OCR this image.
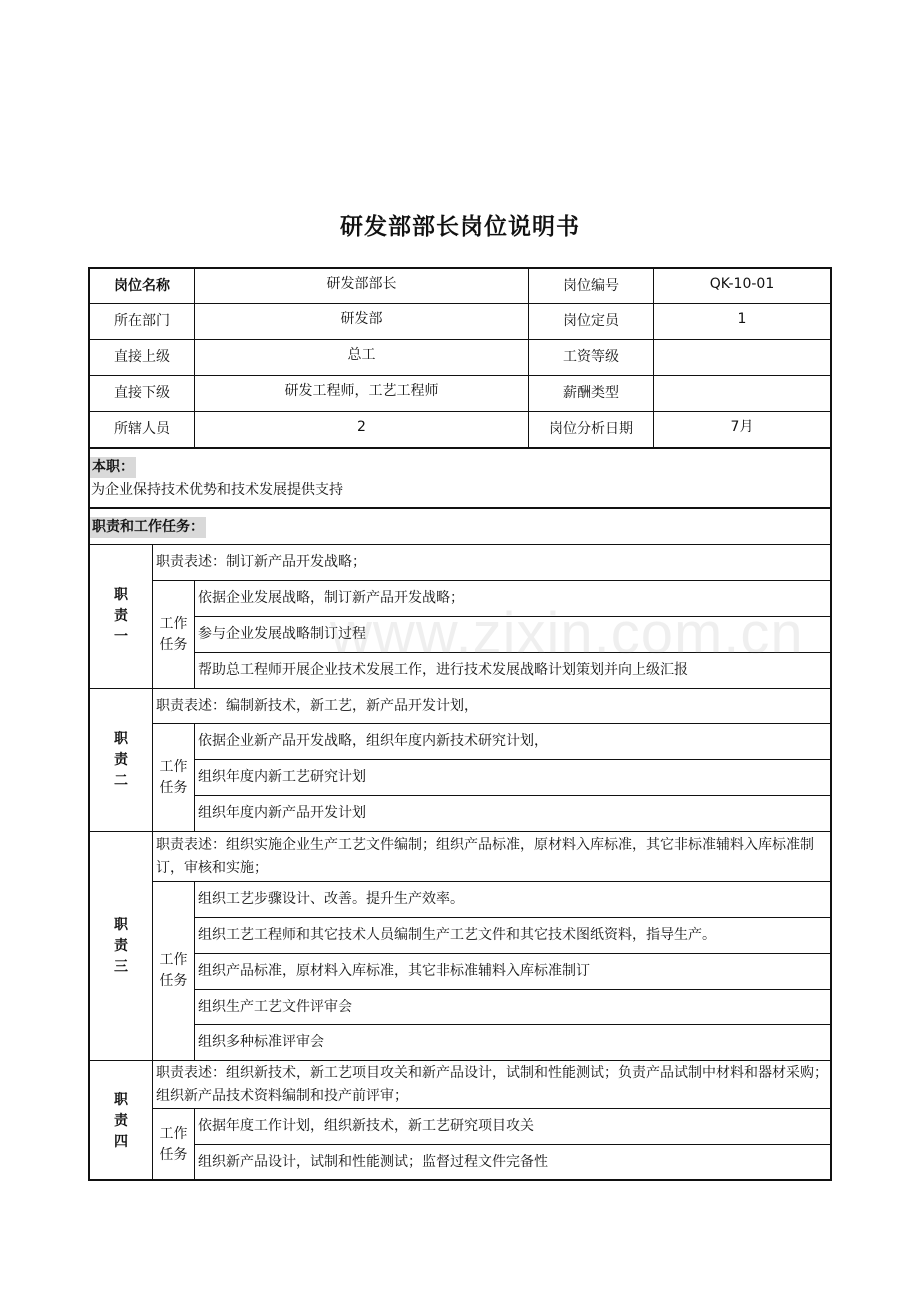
研发部部长岗位说明书
岗位名称	研发部部长	岗位编号	QK-10-01
所在部门	研发部	岗位定员	1
直接上级	总工	工资等级
直接下级	研发工程师，工艺工程师	薪酬类型
所辖人员	2	岗位分析日期	7月
本职：
为企业保持技术优势和技术发展提供支持
职责和工作任务：
职
责
一
职责表述：制订新产品开发战略；
工作
任务
依据企业发展战略，制订新产品开发战略；
参与企业发展战略制订过程
帮助总工程师开展企业技术发展工作，进行技术发展战略计划策划并向上级汇报
职
责
二
职责表述：编制新技术，新工艺，新产品开发计划，
工作
任务
依据企业新产品开发战略，组织年度内新技术研究计划，
组织年度内新工艺研究计划
组织年度内新产品开发计划
职
责
三
职责表述：组织实施企业生产工艺文件编制；组织产品标准，原材料入库标准，其它非标准辅料入库标准制订，审核和实施；
工作
任务
组织工艺步骤设计、改善。提升生产效率。
组织工艺工程师和其它技术人员编制生产工艺文件和其它技术图纸资料，指导生产。
组织产品标准，原材料入库标准，其它非标准辅料入库标准制订
组织生产工艺文件评审会
组织多种标准评审会
职
责
四
职责表述：组织新技术，新工艺项目攻关和新产品设计，试制和性能测试；负责产品试制中材料和器材采购；组织新产品技术资料编制和投产前评审；
工作
任务
依据年度工作计划，组织新技术，新工艺研究项目攻关
组织新产品设计，试制和性能测试；监督过程文件完备性
www.zixin.com.cn
